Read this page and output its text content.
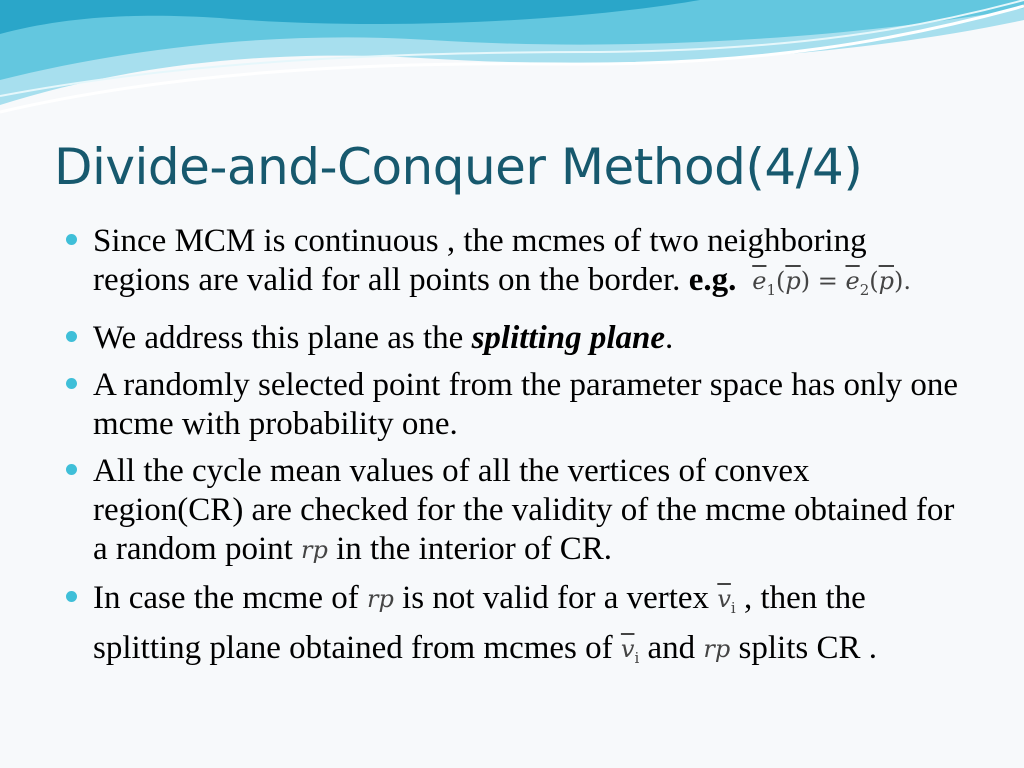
Divide-and-Conquer Method(4/4)
Since MCM is continuous , the mcmes of two neighboring regions are valid for all points on the border. e.g. $\overline{e}_1(\overline{p}) = \overline{e}_2(\overline{p})$.
We address this plane as the splitting plane.
A randomly selected point from the parameter space has only one mcme with probability one.
All the cycle mean values of all the vertices of convex region(CR) are checked for the validity of the mcme obtained for a random point rp in the interior of CR.
In case the mcme of rp is not valid for a vertex $\overline{v}_i$ , then the splitting plane obtained from mcmes of $\overline{v}_i$ and rp splits CR .
